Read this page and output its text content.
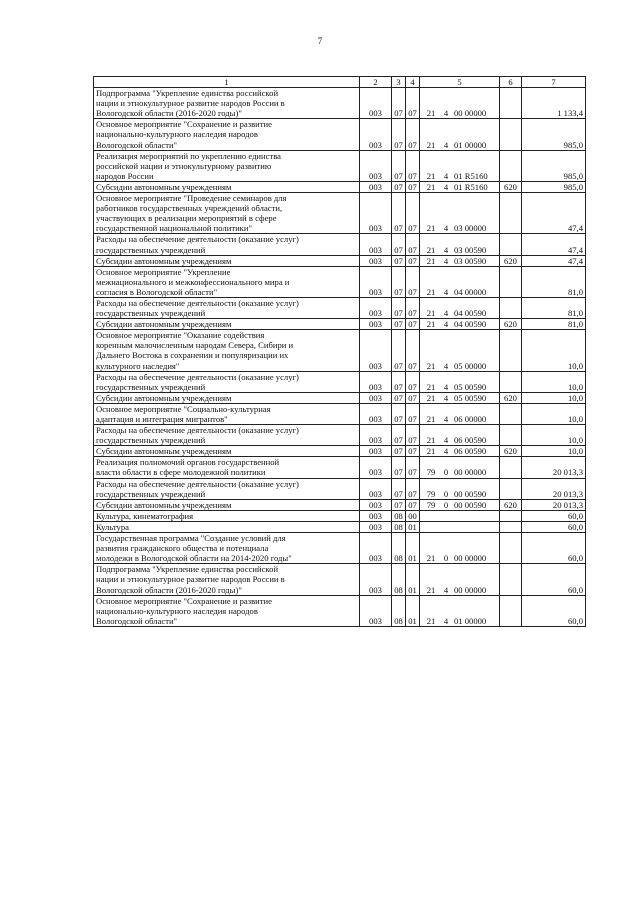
7
1	2	3	4	5	6	7
Подпрограмма "Укрепление единства российской
нации и этнокультурное развитие народов России в
Вологодской области (2016-2020 годы)"	003	07	07	21 4 00 00000		1 133,4
Основное мероприятие "Сохранение и развитие
национально-культурного наследия народов
Вологодской области"	003	07	07	21 4 01 00000		985,0
Реализация мероприятий по укреплению единства
российской нации и этнокультурному развитию
народов России	003	07	07	21 4 01 R5160		985,0
Субсидии автономным учреждениям	003	07	07	21 4 01 R5160	620	985,0
Основное мероприятие "Проведение семинаров для
работников государственных учреждений области,
участвующих в реализации мероприятий в сфере
государственной национальной политики"	003	07	07	21 4 03 00000		47,4
Расходы на обеспечение деятельности (оказание услуг)
государственных учреждений	003	07	07	21 4 03 00590		47,4
Субсидии автономным учреждениям	003	07	07	21 4 03 00590	620	47,4
Основное мероприятие "Укрепление
межнационального и межконфессионального мира и
согласия в Вологодской области"	003	07	07	21 4 04 00000		81,0
Расходы на обеспечение деятельности (оказание услуг)
государственных учреждений	003	07	07	21 4 04 00590		81,0
Субсидии автономным учреждениям	003	07	07	21 4 04 00590	620	81,0
Основное мероприятие "Оказание содействия
коренным малочисленным народам Севера, Сибири и
Дальнего Востока в сохранении и популяризации их
культурного наследия"	003	07	07	21 4 05 00000		10,0
Расходы на обеспечение деятельности (оказание услуг)
государственных учреждений	003	07	07	21 4 05 00590		10,0
Субсидии автономным учреждениям	003	07	07	21 4 05 00590	620	10,0
Основное мероприятие "Социально-культурная
адаптация и интеграция мигрантов"	003	07	07	21 4 06 00000		10,0
Расходы на обеспечение деятельности (оказание услуг)
государственных учреждений	003	07	07	21 4 06 00590		10,0
Субсидии автономным учреждениям	003	07	07	21 4 06 00590	620	10,0
Реализация полномочий органов государственной
власти области в сфере молодежной политики	003	07	07	79 0 00 00000		20 013,3
Расходы на обеспечение деятельности (оказание услуг)
государственных учреждений	003	07	07	79 0 00 00590		20 013,3
Субсидии автономным учреждениям	003	07	07	79 0 00 00590	620	20 013,3
Культура, кинематография	003	08	00			60,0
Культура	003	08	01			60,0
Государственная программа "Создание условий для
развития гражданского общества и потенциала
молодежи в Вологодской области на 2014-2020 годы"	003	08	01	21 0 00 00000		60,0
Подпрограмма "Укрепление единства российской
нации и этнокультурное развитие народов России в
Вологодской области (2016-2020 годы)"	003	08	01	21 4 00 00000		60,0
Основное мероприятие "Сохранение и развитие
национально-культурного наследия народов
Вологодской области"	003	08	01	21 4 01 00000		60,0
